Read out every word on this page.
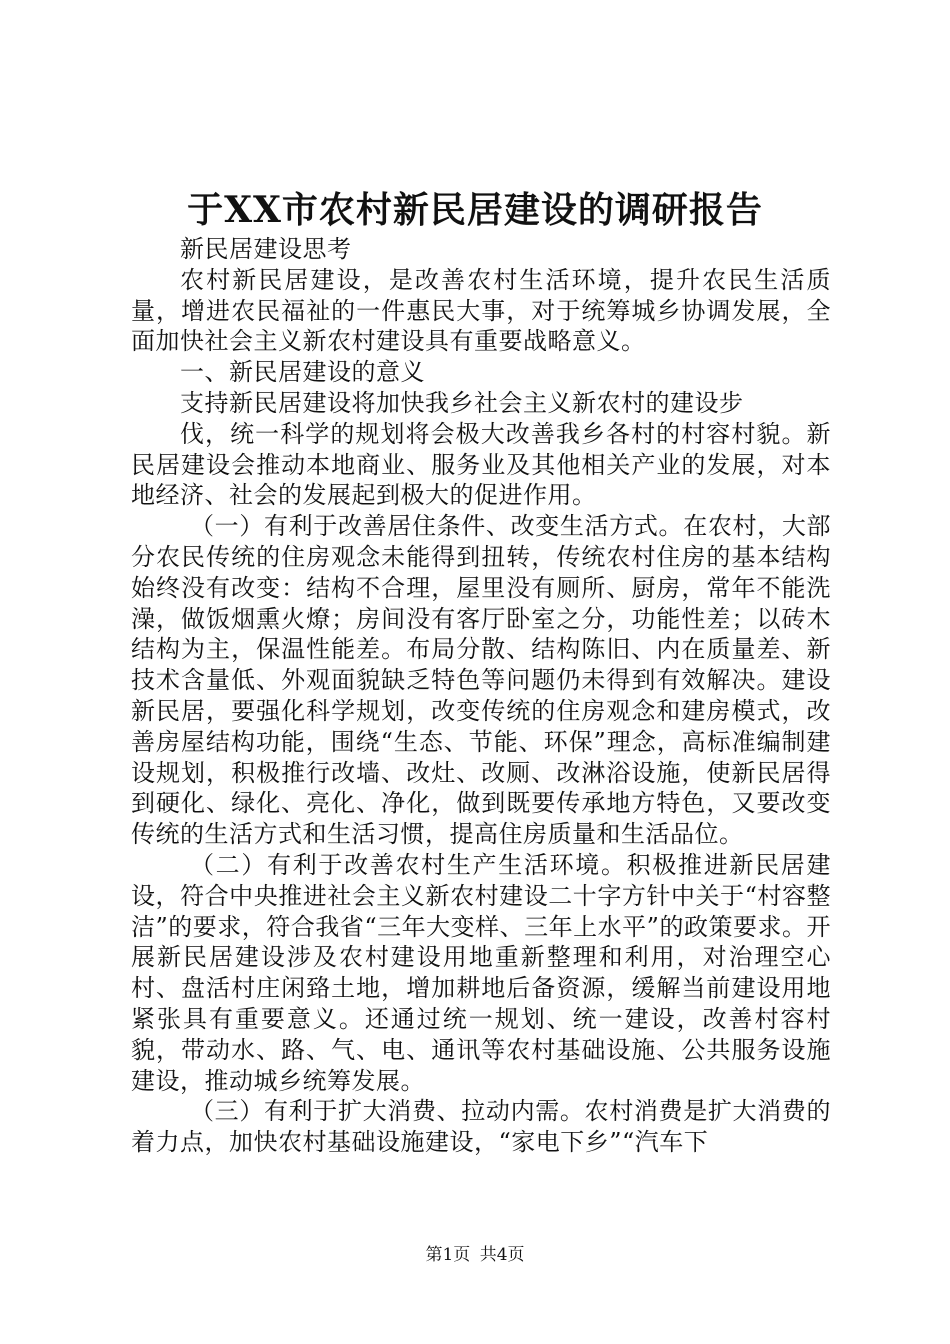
于XX市农村新民居建设的调研报告

新民居建设思考

农村新民居建设，是改善农村生活环境，提升农民生活质量，增进农民福祉的一件惠民大事，对于统筹城乡协调发展，全面加快社会主义新农村建设具有重要战略意义。

一、新民居建设的意义

支持新民居建设将加快我乡社会主义新农村的建设步

伐，统一科学的规划将会极大改善我乡各村的村容村貌。新民居建设会推动本地商业、服务业及其他相关产业的发展，对本地经济、社会的发展起到极大的促进作用。

（一）有利于改善居住条件、改变生活方式。在农村，大部分农民传统的住房观念未能得到扭转，传统农村住房的基本结构始终没有改变：结构不合理，屋里没有厕所、厨房，常年不能洗澡，做饭烟熏火燎；房间没有客厅卧室之分，功能性差；以砖木结构为主，保温性能差。布局分散、结构陈旧、内在质量差、新技术含量低、外观面貌缺乏特色等问题仍未得到有效解决。建设新民居，要强化科学规划，改变传统的住房观念和建房模式，改善房屋结构功能，围绕“生态、节能、环保”理念，高标准编制建设规划，积极推行改墙、改灶、改厕、改淋浴设施，使新民居得到硬化、绿化、亮化、净化，做到既要传承地方特色，又要改变传统的生活方式和生活习惯，提高住房质量和生活品位。

（二）有利于改善农村生产生活环境。积极推进新民居建设，符合中央推进社会主义新农村建设二十字方针中关于“村容整洁”的要求，符合我省“三年大变样、三年上水平”的政策要求。开展新民居建设涉及农村建设用地重新整理和利用，对治理空心村、盘活村庄闲臵土地，增加耕地后备资源，缓解当前建设用地紧张具有重要意义。还通过统一规划、统一建设，改善村容村貌，带动水、路、气、电、通讯等农村基础设施、公共服务设施建设，推动城乡统筹发展。

（三）有利于扩大消费、拉动内需。农村消费是扩大消费的着力点，加快农村基础设施建设，“家电下乡”“汽车下

第1页 共4页
